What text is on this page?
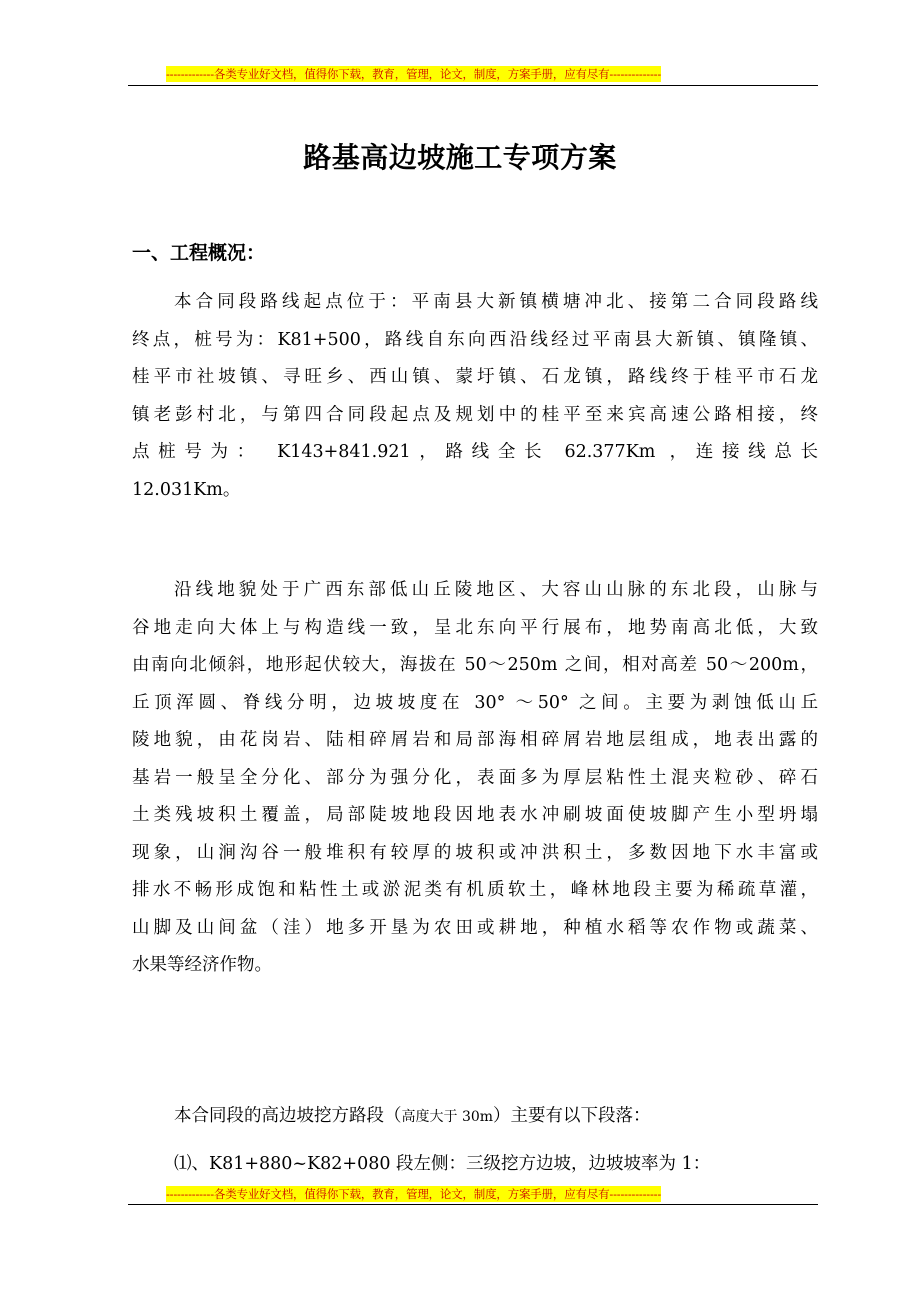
-------------各类专业好文档，值得你下载，教育，管理，论文，制度，方案手册，应有尽有--------------
路基高边坡施工专项方案
一、工程概况：

本合同段路线起点位于：平南县大新镇横塘冲北、接第二合同段路线
终点，桩号为：K81+500，路线自东向西沿线经过平南县大新镇、镇隆镇、
桂平市社坡镇、寻旺乡、西山镇、蒙圩镇、石龙镇，路线终于桂平市石龙
镇老彭村北，与第四合同段起点及规划中的桂平至来宾高速公路相接，终
点桩号为： K143+841.921，路线全长 62.377Km ，连接线总长
12.031Km。

沿线地貌处于广西东部低山丘陵地区、大容山山脉的东北段，山脉与
谷地走向大体上与构造线一致，呈北东向平行展布，地势南高北低，大致
由南向北倾斜，地形起伏较大，海拔在 50～250m 之间，相对高差 50～200m，
丘顶浑圆、脊线分明，边坡坡度在 30° ～50° 之间。主要为剥蚀低山丘
陵地貌，由花岗岩、陆相碎屑岩和局部海相碎屑岩地层组成，地表出露的
基岩一般呈全分化、部分为强分化，表面多为厚层粘性土混夹粒砂、碎石
土类残坡积土覆盖，局部陡坡地段因地表水冲刷坡面使坡脚产生小型坍塌
现象，山涧沟谷一般堆积有较厚的坡积或冲洪积土，多数因地下水丰富或
排水不畅形成饱和粘性土或淤泥类有机质软土，峰林地段主要为稀疏草灌，
山脚及山间盆（洼）地多开垦为农田或耕地，种植水稻等农作物或蔬菜、
水果等经济作物。

本合同段的高边坡挖方路段（高度大于 30m）主要有以下段落：

⑴、K81+880~K82+080 段左侧：三级挖方边坡，边坡坡率为 1：

-------------各类专业好文档，值得你下载，教育，管理，论文，制度，方案手册，应有尽有--------------
